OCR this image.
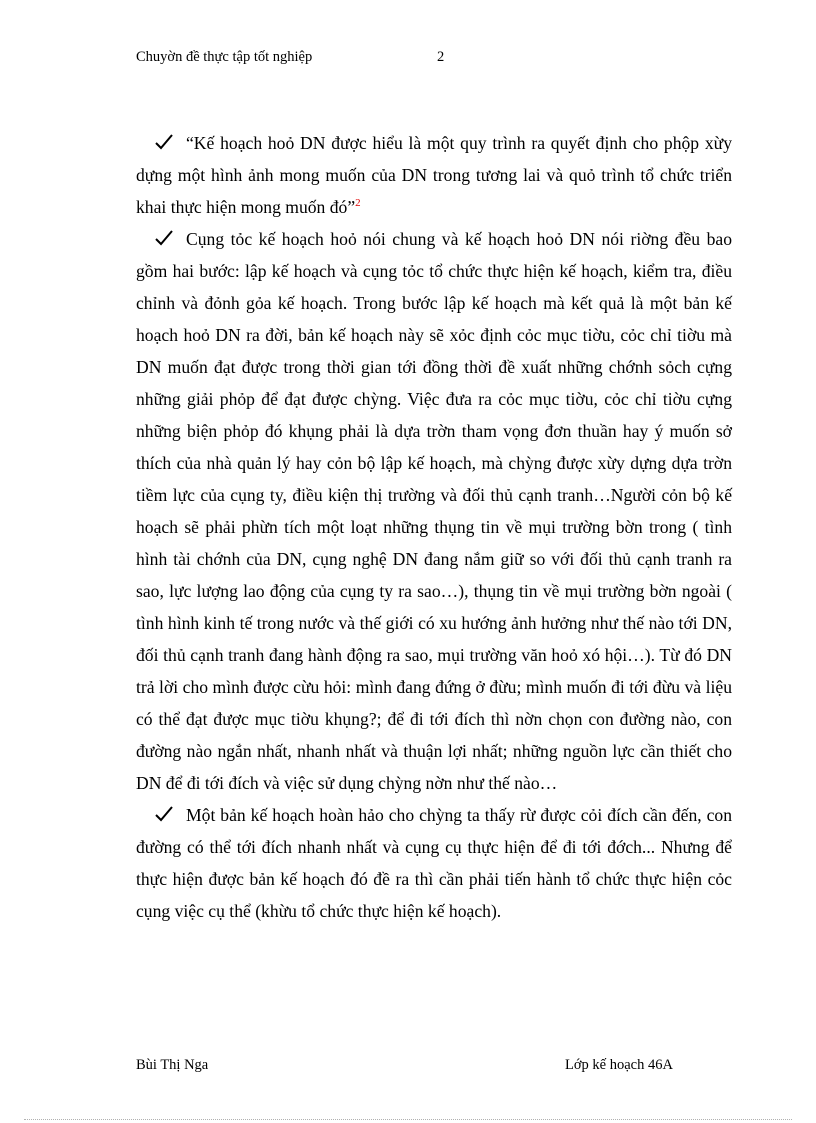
Chuyờn đề thực tập tốt nghiệp	2

“Kế hoạch hoỏ DN được hiểu là một quy trình ra quyết định cho phộp xừy dựng một hình ảnh mong muốn của DN trong tương lai và quỏ trình tổ chức triển khai thực hiện mong muốn đó”$^2$

Cụng tỏc kế hoạch hoỏ nói chung và kế hoạch hoỏ DN nói riờng đều bao gồm hai bước: lập kế hoạch và cụng tỏc tổ chức thực hiện kế hoạch, kiểm tra, điều chỉnh và đỏnh gỏa kế hoạch. Trong bước lập kế hoạch mà kết quả là một bản kế hoạch hoỏ DN ra đời, bản kế hoạch này sẽ xỏc định cỏc mục tiờu, cỏc chỉ tiờu mà DN muốn đạt được trong thời gian tới đồng thời đề xuất những chớnh sỏch cựng những giải phỏp để đạt được chỳng. Việc đưa ra cỏc mục tiờu, cỏc chỉ tiờu cựng những biện phỏp đó khụng phải là dựa trờn tham vọng đơn thuần hay ý muốn sở thích của nhà quản lý hay cỏn bộ lập kế hoạch, mà chỳng được xừy dựng dựa trờn tiềm lực của cụng ty, điều kiện thị trường và đối thủ cạnh tranh…Người cỏn bộ kế hoạch sẽ phải phừn tích một loạt những thụng tin về mụi trường bờn trong ( tình hình tài chớnh của DN, cụng nghệ DN đang nắm giữ so với đối thủ cạnh tranh ra sao, lực lượng lao động của cụng ty ra sao…), thụng tin về mụi trường bờn ngoài ( tình hình kinh tế trong nước và thế giới có xu hướng ảnh hưởng như thế nào tới DN, đối thủ cạnh tranh đang hành động ra sao, mụi trường văn hoỏ xó hội…). Từ đó DN trả lời cho mình được cừu hỏi: mình đang đứng ở đừu; mình muốn đi tới đừu và liệu có thể đạt được mục tiờu khụng?; để đi tới đích thì nờn chọn con đường nào, con đường nào ngắn nhất, nhanh nhất và thuận lợi nhất; những nguồn lực cần thiết cho DN để đi tới đích và việc sử dụng chỳng nờn như thế nào…

Một bản kế hoạch hoàn hảo cho chỳng ta thấy rừ được cỏi đích cần đến, con đường có thể tới đích nhanh nhất và cụng cụ thực hiện để đi tới đớch... Nhưng để thực hiện được bản kế hoạch đó đề ra thì cần phải tiến hành tổ chức thực hiện cỏc cụng việc cụ thể (khừu tổ chức thực hiện kế hoạch).

Bùi Thị Nga	Lớp kế hoạch 46A
